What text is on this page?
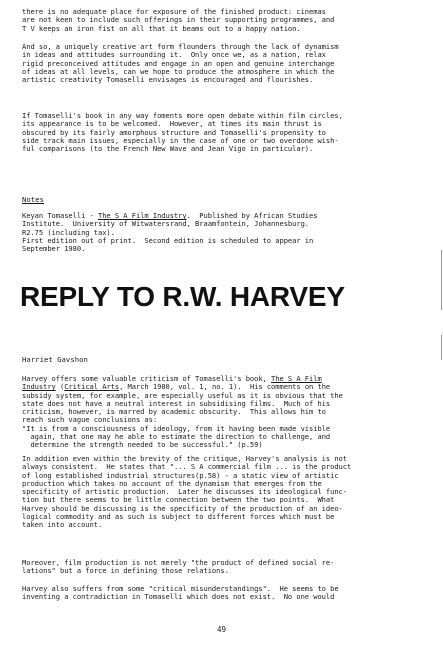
there is no adequate place for exposure of the finished product: cinemas
are not keen to include such offerings in their supporting programmes, and
T V keeps an iron fist on all that it beams out to a happy nation.

And so, a uniquely creative art form flounders through the lack of dynamism
in ideas and attitudes surrounding it.  Only once we, as a nation, relax
rigid preconceived attitudes and engage in an open and genuine interchange
of ideas at all levels, can we hope to produce the atmosphere in which the
artistic creativity Tomaselli envisages is encouraged and flourishes.

If Tomaselli's book in any way foments more open debate within film circles,
its appearance is to be welcomed.  However, at times its main thrust is
obscured by its fairly amorphous structure and Tomaselli's propensity to
side track main issues, especially in the case of one or two overdone wish-
ful comparisons (to the French New Wave and Jean Vigo in particular).

Notes

Keyan Tomaselli - The S A Film Industry.  Published by African Studies
Institute.  University of Witwatersrand, Braamfontein, Johannesburg.
R2.75 (including tax).
First edition out of print.  Second edition is scheduled to appear in
September 1980.

REPLY TO R.W. HARVEY
Harriet Gavshon

Harvey offers some valuable criticism of Tomaselli's book, The S A Film
Industry (Critical Arts, March 1980, vol. 1, no. 1).  His comments on the
subsidy system, for example, are especially useful as it is obvious that the
state does not have a neutral interest in subsidising films.  Much of his
criticism, however, is marred by academic obscurity.  This allows him to
reach such vague conclusions as:
"It is from a consciousness of ideology, from it having been made visible
again, that one may he able to estimate the direction to challenge, and
determine the strength needed to be successful." (p.59)

In addition even within the brevity of the critique, Harvey's analysis is not
always consistent.  He states that "... S A commercial film ... is the product
of long established industrial structures(p.58) - a static view of artistic
production which takes no account of the dynamism that emerges from the
specificity of artistic production.  Later he discusses its ideological func-
tion but there seems to be little connection between the two points.  What
Harvey should be discussing is the specificity of the production of an ideo-
logical commodity and as such is subject to different forces which must be
taken into account.

Moreover, film production is not merely "the product of defined social re-
lations" but a force in defining those relations.

Harvey also suffers from some "critical misunderstandings".  He seems to be
inventing a contradiction in Tomaselli which does not exist.  No one would

49
